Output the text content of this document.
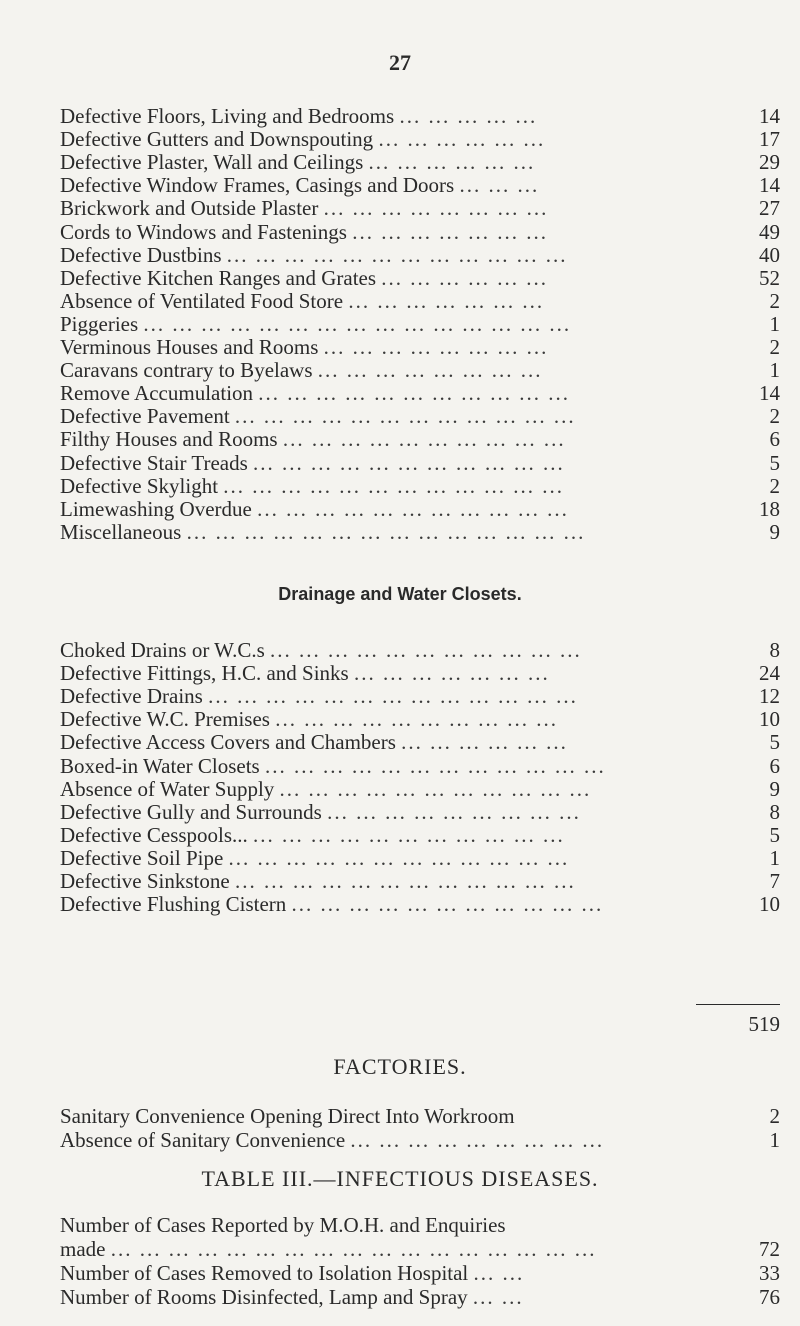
27
Defective Floors, Living and Bedrooms ... ... ... ... ...	14
Defective Gutters and Downspouting ... ... ... ... ... ...	17
Defective Plaster, Wall and Ceilings ... ... ... ... ... ...	29
Defective Window Frames, Casings and Doors ... ... ...	14
Brickwork and Outside Plaster ... ... ... ... ... ... ... ...	27
Cords to Windows and Fastenings ... ... ... ... ... ... ...	49
Defective Dustbins ... ... ... ... ... ... ... ... ... ... ... ...	40
Defective Kitchen Ranges and Grates ... ... ... ... ... ...	52
Absence of Ventilated Food Store ... ... ... ... ... ... ...	2
Piggeries ... ... ... ... ... ... ... ... ... ... ... ... ... ... ...	1
Verminous Houses and Rooms ... ... ... ... ... ... ... ...	2
Caravans contrary to Byelaws ... ... ... ... ... ... ... ...	1
Remove Accumulation ... ... ... ... ... ... ... ... ... ... ...	14
Defective Pavement ... ... ... ... ... ... ... ... ... ... ... ...	2
Filthy Houses and Rooms ... ... ... ... ... ... ... ... ... ...	6
Defective Stair Treads ... ... ... ... ... ... ... ... ... ... ...	5
Defective Skylight ... ... ... ... ... ... ... ... ... ... ... ...	2
Limewashing Overdue ... ... ... ... ... ... ... ... ... ... ...	18
Miscellaneous ... ... ... ... ... ... ... ... ... ... ... ... ... ...	9
Drainage and Water Closets.
Choked Drains or W.C.s ... ... ... ... ... ... ... ... ... ... ...	8
Defective Fittings, H.C. and Sinks ... ... ... ... ... ... ...	24
Defective Drains ... ... ... ... ... ... ... ... ... ... ... ... ...	12
Defective W.C. Premises ... ... ... ... ... ... ... ... ... ...	10
Defective Access Covers and Chambers ... ... ... ... ... ...	5
Boxed-in Water Closets ... ... ... ... ... ... ... ... ... ... ... ...	6
Absence of Water Supply ... ... ... ... ... ... ... ... ... ... ...	9
Defective Gully and Surrounds ... ... ... ... ... ... ... ... ...	8
Defective Cesspools... ... ... ... ... ... ... ... ... ... ... ...	5
Defective Soil Pipe ... ... ... ... ... ... ... ... ... ... ... ...	1
Defective Sinkstone ... ... ... ... ... ... ... ... ... ... ... ...	7
Defective Flushing Cistern ... ... ... ... ... ... ... ... ... ... ...	10
519
FACTORIES.
Sanitary Convenience Opening Direct Into Workroom	2
Absence of Sanitary Convenience ... ... ... ... ... ... ... ... ...	1
TABLE III.—INFECTIOUS DISEASES.
Number of Cases Reported by M.O.H. and Enquiries
made ... ... ... ... ... ... ... ... ... ... ... ... ... ... ... ... ...	72
Number of Cases Removed to Isolation Hospital ... ...	33
Number of Rooms Disinfected, Lamp and Spray ... ...	76
